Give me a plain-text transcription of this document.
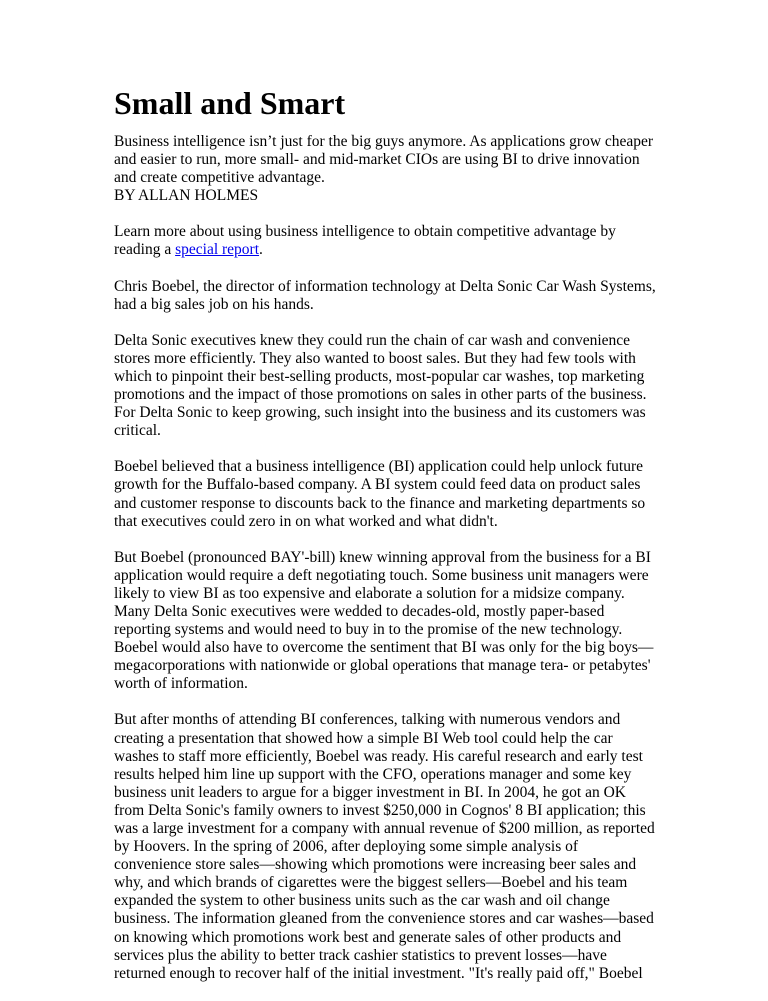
Small and Smart

Business intelligence isn’t just for the big guys anymore. As applications grow cheaper and easier to run, more small- and mid-market CIOs are using BI to drive innovation and create competitive advantage.
BY ALLAN HOLMES

Learn more about using business intelligence to obtain competitive advantage by reading a special report.

Chris Boebel, the director of information technology at Delta Sonic Car Wash Systems, had a big sales job on his hands.

Delta Sonic executives knew they could run the chain of car wash and convenience stores more efficiently. They also wanted to boost sales. But they had few tools with which to pinpoint their best-selling products, most-popular car washes, top marketing promotions and the impact of those promotions on sales in other parts of the business. For Delta Sonic to keep growing, such insight into the business and its customers was critical.

Boebel believed that a business intelligence (BI) application could help unlock future growth for the Buffalo-based company. A BI system could feed data on product sales and customer response to discounts back to the finance and marketing departments so that executives could zero in on what worked and what didn't.

But Boebel (pronounced BAY'-bill) knew winning approval from the business for a BI application would require a deft negotiating touch. Some business unit managers were likely to view BI as too expensive and elaborate a solution for a midsize company. Many Delta Sonic executives were wedded to decades-old, mostly paper-based reporting systems and would need to buy in to the promise of the new technology. Boebel would also have to overcome the sentiment that BI was only for the big boys—megacorporations with nationwide or global operations that manage tera- or petabytes' worth of information.

But after months of attending BI conferences, talking with numerous vendors and creating a presentation that showed how a simple BI Web tool could help the car washes to staff more efficiently, Boebel was ready. His careful research and early test results helped him line up support with the CFO, operations manager and some key business unit leaders to argue for a bigger investment in BI. In 2004, he got an OK from Delta Sonic's family owners to invest $250,000 in Cognos' 8 BI application; this was a large investment for a company with annual revenue of $200 million, as reported by Hoovers. In the spring of 2006, after deploying some simple analysis of convenience store sales—showing which promotions were increasing beer sales and why, and which brands of cigarettes were the biggest sellers—Boebel and his team expanded the system to other business units such as the car wash and oil change business. The information gleaned from the convenience stores and car washes—based on knowing which promotions work best and generate sales of other products and services plus the ability to better track cashier statistics to prevent losses—have returned enough to recover half of the initial investment. "It's really paid off," Boebel
